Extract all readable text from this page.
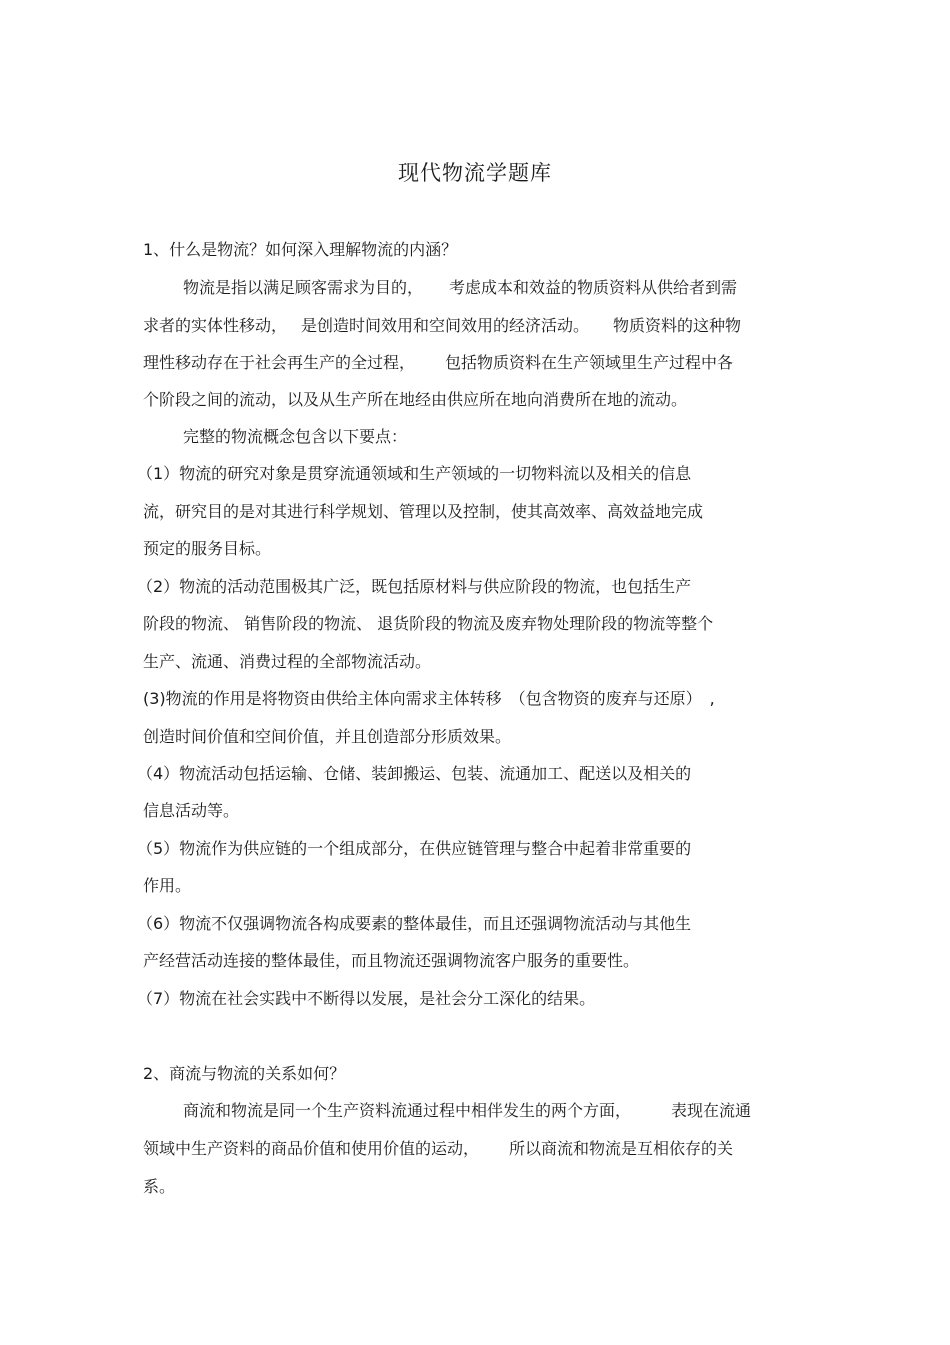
现代物流学题库
1、什么是物流？如何深入理解物流的内涵？
物流是指以满足顾客需求为目的， 考虑成本和效益的物质资料从供给者到需
求者的实体性移动， 是创造时间效用和空间效用的经济活动。 物质资料的这种物
理性移动存在于社会再生产的全过程， 包括物质资料在生产领域里生产过程中各
个阶段之间的流动，以及从生产所在地经由供应所在地向消费所在地的流动。
完整的物流概念包含以下要点：
（1）物流的研究对象是贯穿流通领域和生产领域的一切物料流以及相关的信息
流，研究目的是对其进行科学规划、管理以及控制，使其高效率、高效益地完成
预定的服务目标。
（2）物流的活动范围极其广泛，既包括原材料与供应阶段的物流，也包括生产
阶段的物流、 销售阶段的物流、 退货阶段的物流及废弃物处理阶段的物流等整个
生产、流通、消费过程的全部物流活动。
(3)物流的作用是将物资由供给主体向需求主体转移　（包含物资的废弃与还原）　,
创造时间价值和空间价值，并且创造部分形质效果。
（4）物流活动包括运输、仓储、装卸搬运、包装、流通加工、配送以及相关的
信息活动等。
（5）物流作为供应链的一个组成部分，在供应链管理与整合中起着非常重要的
作用。
（6）物流不仅强调物流各构成要素的整体最佳，而且还强调物流活动与其他生
产经营活动连接的整体最佳，而且物流还强调物流客户服务的重要性。
（7）物流在社会实践中不断得以发展，是社会分工深化的结果。
2、商流与物流的关系如何？
商流和物流是同一个生产资料流通过程中相伴发生的两个方面，	表现在流通
领域中生产资料的商品价值和使用价值的运动， 所以商流和物流是互相依存的关
系。
